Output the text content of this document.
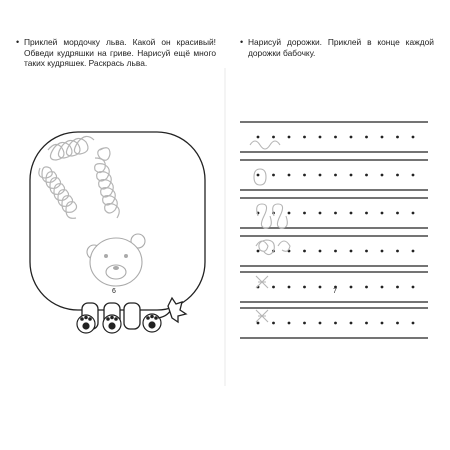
• Приклей мордочку льва. Какой он красивый! Обведи кудряшки на гриве. Нарисуй ещё много таких кудряшек. Раскрась льва.
• Нарисуй дорожки. Приклей в конце каждой дорожки бабочку.
6	7
